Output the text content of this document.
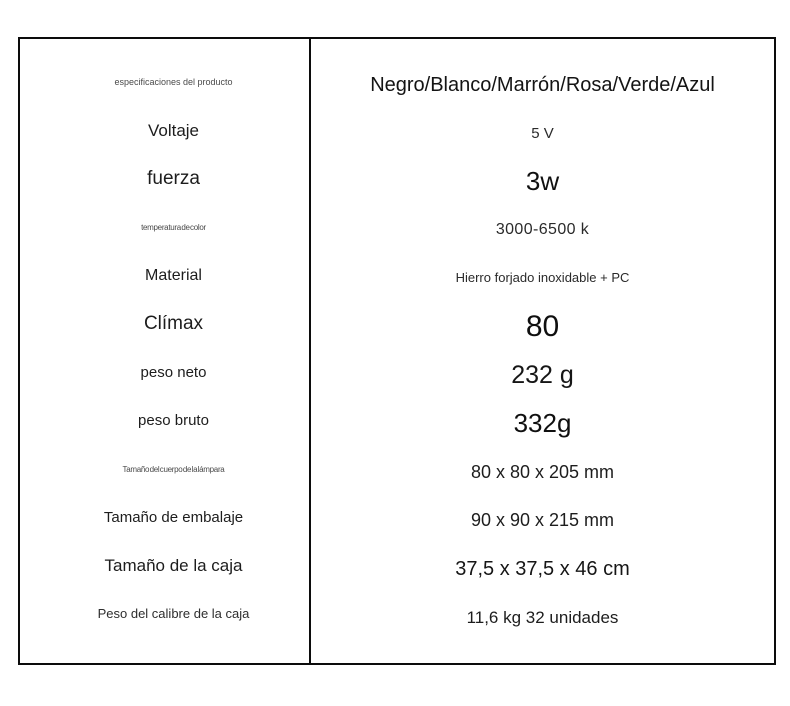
especificaciones del producto	Negro/Blanco/Marrón/Rosa/Verde/Azul
Voltaje	5 V
fuerza	3w
temperatura de color	3000-6500 k
Material	Hierro forjado inoxidable + PC
Clímax	80
peso neto	232 g
peso bruto	332g
Tamaño del cuerpo de la lámpara	80 x 80 x 205 mm
Tamaño de embalaje	90 x 90 x 215 mm
Tamaño de la caja	37,5 x 37,5 x 46 cm
Peso del calibre de la caja	11,6 kg 32 unidades
